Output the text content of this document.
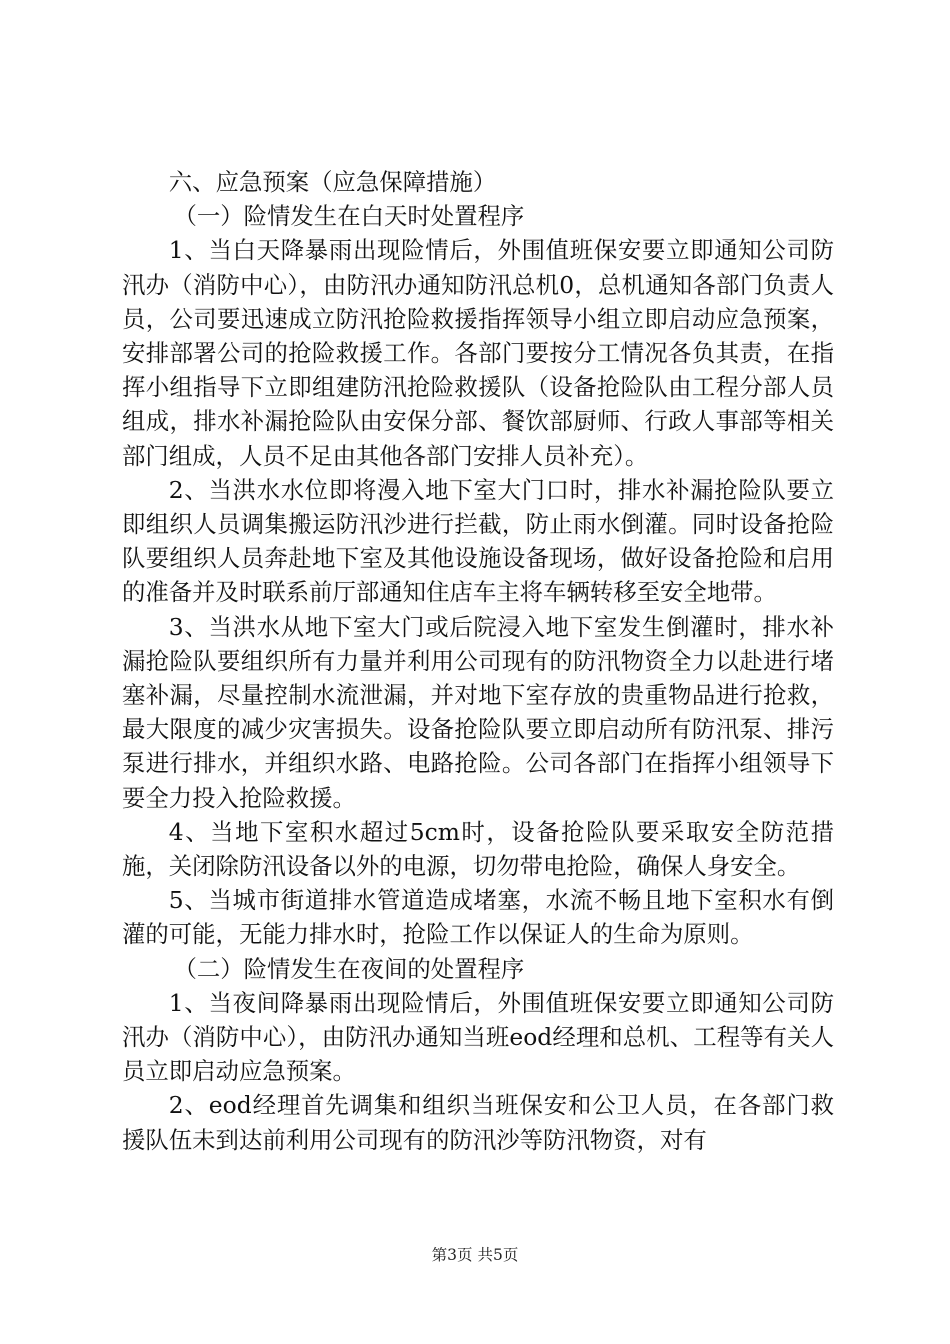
六、应急预案（应急保障措施）

（一）险情发生在白天时处置程序

1、当白天降暴雨出现险情后，外围值班保安要立即通知公司防汛办（消防中心），由防汛办通知防汛总机0，总机通知各部门负责人员，公司要迅速成立防汛抢险救援指挥领导小组立即启动应急预案，安排部署公司的抢险救援工作。各部门要按分工情况各负其责，在指挥小组指导下立即组建防汛抢险救援队（设备抢险队由工程分部人员组成，排水补漏抢险队由安保分部、餐饮部厨师、行政人事部等相关部门组成，人员不足由其他各部门安排人员补充）。

2、当洪水水位即将漫入地下室大门口时，排水补漏抢险队要立即组织人员调集搬运防汛沙进行拦截，防止雨水倒灌。同时设备抢险队要组织人员奔赴地下室及其他设施设备现场，做好设备抢险和启用的准备并及时联系前厅部通知住店车主将车辆转移至安全地带。

3、当洪水从地下室大门或后院浸入地下室发生倒灌时，排水补漏抢险队要组织所有力量并利用公司现有的防汛物资全力以赴进行堵塞补漏，尽量控制水流泄漏，并对地下室存放的贵重物品进行抢救，最大限度的减少灾害损失。设备抢险队要立即启动所有防汛泵、排污泵进行排水，并组织水路、电路抢险。公司各部门在指挥小组领导下要全力投入抢险救援。

4、当地下室积水超过5cm时，设备抢险队要采取安全防范措施，关闭除防汛设备以外的电源，切勿带电抢险，确保人身安全。

5、当城市街道排水管道造成堵塞，水流不畅且地下室积水有倒灌的可能，无能力排水时，抢险工作以保证人的生命为原则。

（二）险情发生在夜间的处置程序

1、当夜间降暴雨出现险情后，外围值班保安要立即通知公司防汛办（消防中心），由防汛办通知当班eod经理和总机、工程等有关人员立即启动应急预案。

2、eod经理首先调集和组织当班保安和公卫人员，在各部门救援队伍未到达前利用公司现有的防汛沙等防汛物资，对有

第3页 共5页
